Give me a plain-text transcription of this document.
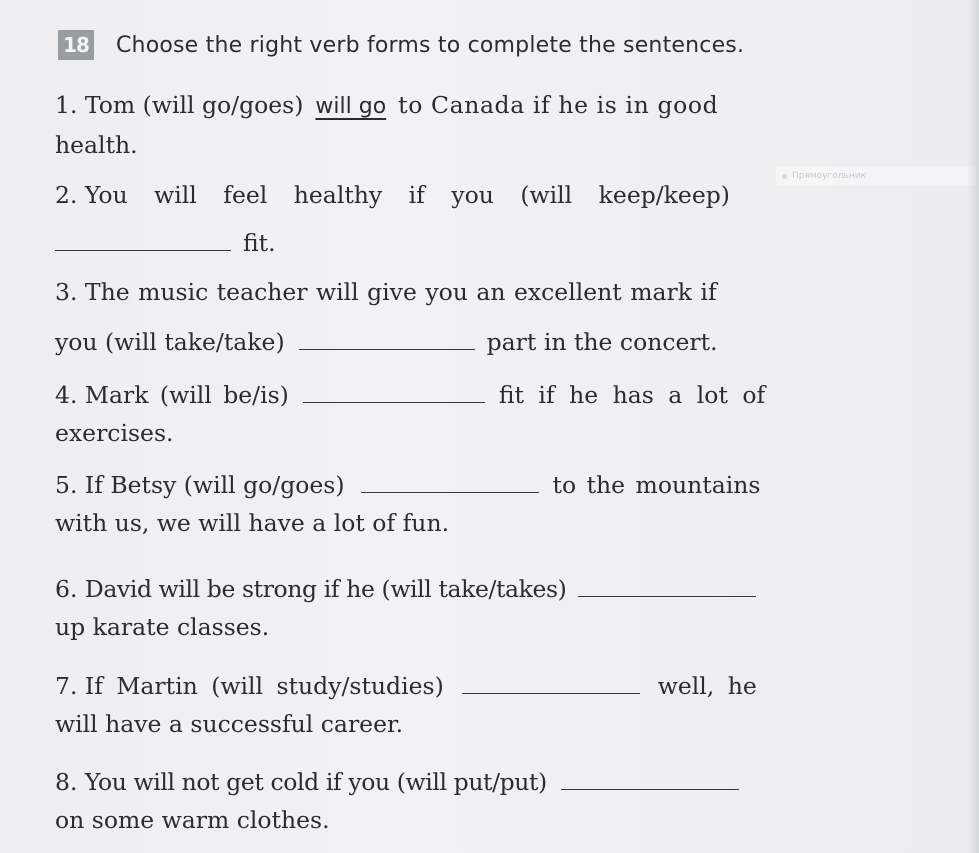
18 Choose the right verb forms to complete the sentences.
Прямоугольник
1.
Tom (will go/goes) will go to Canada if he is in good
health.
2.
You will feel healthy if you (will keep/keep)
fit.
3.
The music teacher will give you an excellent mark if
you (will take/take)	part in the concert.
4.
Mark (will be/is)	fit if he has a lot of
exercises.
5.
If Betsy (will go/goes)	to the mountains
with us, we will have a lot of fun.
6.
David will be strong if he (will take/takes)
up karate classes.
7.
If Martin (will study/studies)	well, he
will have a successful career.
8.
You will not get cold if you (will put/put)
on some warm clothes.
